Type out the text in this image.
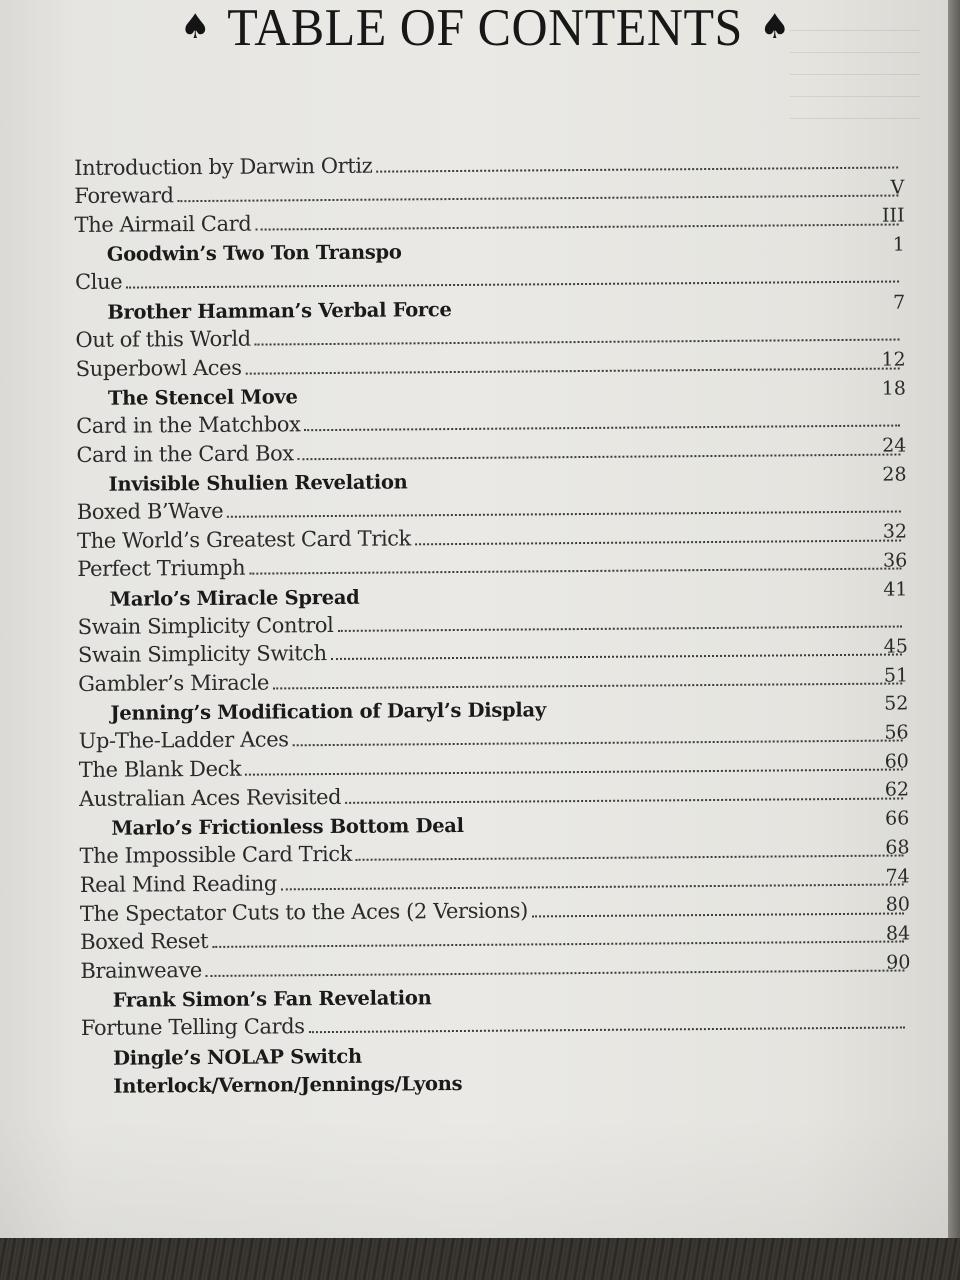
♠ TABLE OF CONTENTS ♠
Introduction by Darwin Ortiz
Foreward
The Airmail Card
Goodwin’s Two Ton Transpo
Clue
Brother Hamman’s Verbal Force
Out of this World
Superbowl Aces
The Stencel Move
Card in the Matchbox
Card in the Card Box
Invisible Shulien Revelation
Boxed B’Wave
The World’s Greatest Card Trick
Perfect Triumph
Marlo’s Miracle Spread
Swain Simplicity Control
Swain Simplicity Switch
Gambler’s Miracle
Jenning’s Modification of Daryl’s Display
Up-The-Ladder Aces
The Blank Deck
Australian Aces Revisited
Marlo’s Frictionless Bottom Deal
The Impossible Card Trick
Real Mind Reading
The Spectator Cuts to the Aces (2 Versions)
Boxed Reset
Brainweave
Frank Simon’s Fan Revelation
Fortune Telling Cards
Dingle’s NOLAP Switch
Interlock/Vernon/Jennings/Lyons
V
III
1
7
12
18
24
28
32
36
41
45
51
52
56
60
62
66
68
74
80
84
90
